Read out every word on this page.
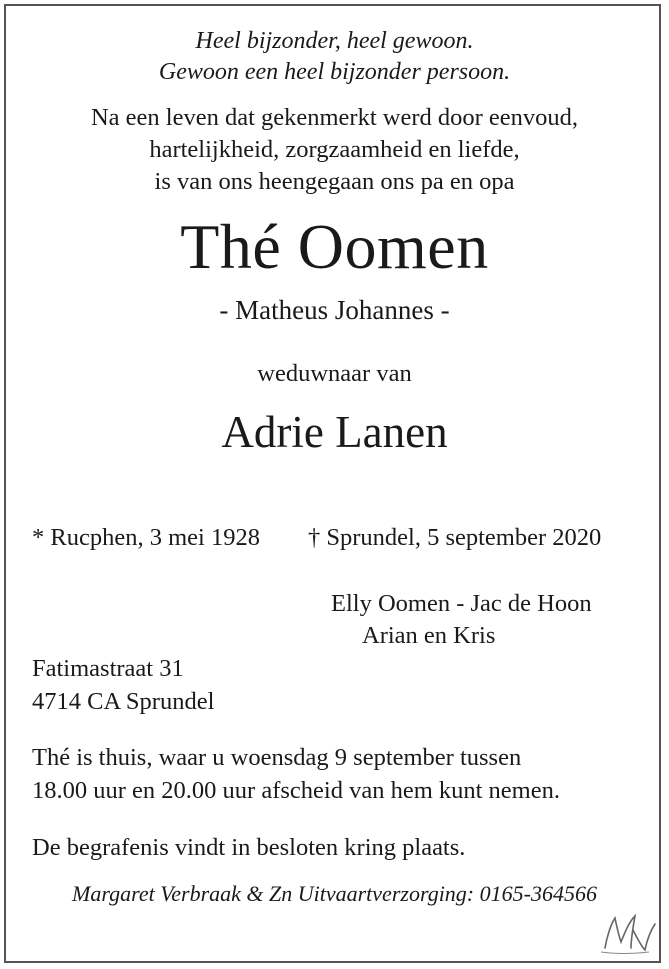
Heel bijzonder, heel gewoon.
Gewoon een heel bijzonder persoon.
Na een leven dat gekenmerkt werd door eenvoud,
hartelijkheid, zorgzaamheid en liefde,
is van ons heengegaan ons pa en opa
Thé Oomen
- Matheus Johannes -
weduwnaar van
Adrie Lanen
* Rucphen, 3 mei 1928 † Sprundel, 5 september 2020
Elly Oomen - Jac de Hoon
Arian en Kris
Fatimastraat 31
4714 CA Sprundel
Thé is thuis, waar u woensdag 9 september tussen
18.00 uur en 20.00 uur afscheid van hem kunt nemen.
De begrafenis vindt in besloten kring plaats.
Margaret Verbraak & Zn Uitvaartverzorging: 0165-364566
